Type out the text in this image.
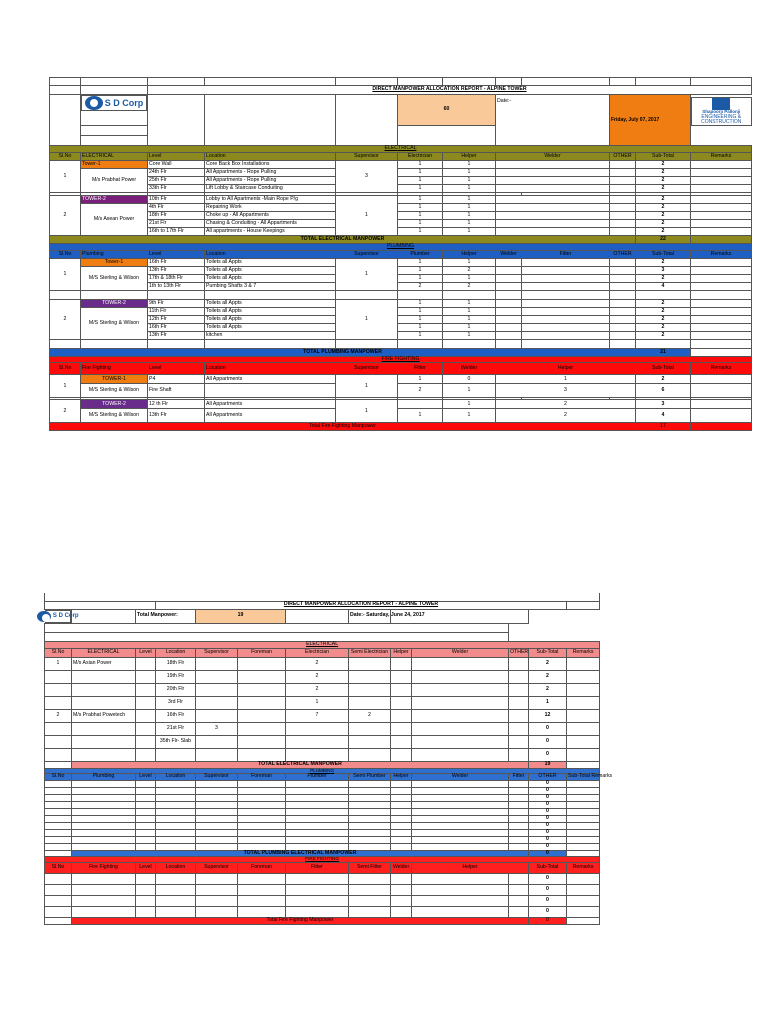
		DIRECT MANPOWER ALLOCATION REPORT - ALPINE TOWER									

S D Corp
			60		Date:-		Friday, July 07, 2017	
Shapoorji Pallonji
ENGINEERING &
CONSTRUCTION

ELECTRICAL											
Sl.No	ELECTRICAL	Level	Location	Supervisor	Electrician	Helper	Welder		OTHER	Sub-Total	Remarks
1	Tower-1	Core Wall	Core Back Box Installations	3	1	1				2	
	M/s Prabhat Power	24th Flr	All Appartments - Rope Pulling		1	1				2	
		25th Flr	All Appartments - Rope Pulling		1	1				2	
		33th Flr	Lift Lobby & Staircase Conduiting		1	1				2	

2	TOWER-2	10th Flr	Lobby to All Apartments -Main Rope P/g	1	1	1				2	
	M/s Asean Power	4th Flr	Repairing Work		1	1				2	
		18th Flr	Choke up - All Appartments		1	1				2	
		21st Flr	Chasing & Conduiting - All Appartments		1	1				2	
		16th to 17th Flr	All appartments - House Keepings		1	1				2	
TOTAL ELECTRICAL MANPOWER										22	
PLUMBING											
Sl.No	Plumbing	Level	Location	Supervisor	Plumber	Helper	Welder	Fitter	OTHER	Sub-Total	Remarks
1	Tower-1	16th Flr	Toilets all Appts	1	1	1				2	
	M/S Sterling & Wilson	13th Flr	Toilets all Appts		1	2				3	
		17th & 18th Flr	Toilets all Appts		1	1				2	
		1th to 13th Flr	Pumbing Shafts 3 & 7		2	2				4	

2	TOWER-2	9th Flr	Toilets all Appts	1	1	1				2	
	M/S Sterling & Wilson	11th Flr	Toilets all Appts		1	1				2	
		12th Flr	Toilets all Appts		1	1				2	
		16th Flr	Toilets all Appts		1	1				2	
		13th Flr	kitchen		1	1				2	

TOTAL PLUMBING MANPOWER										21	
FIRE FIGHTING											
Sl.No	Fire Fighting	Level	Location	Supervisor	Fitter	Welder	Helper			Sub-Total	Remarks
1	TOWER-1	P4	All Appartments	1	1	0	1			2	
	M/S Sterling & Wilson	Fire Shaft			2	1	3			6	

2	TOWER-2	12 th Flr	All Appartments	1		1	2			3	
	M/S Sterling & Wilson	13th Flr	All Appartments		1	1	2			4	
Total Fire Fighting Manpower										17	

			DIRECT MANPOWER ALLOCATION REPORT - ALPINE TOWER									

S D Corp
		Total Manpower:		19			Date:- Saturday, June 24, 2017					

ELECTRICAL												
Sl.No	ELECTRICAL	Level	Location	Supervisor	Foreman	Electrician	Semi Electrician	Helper	Welder	OTHER	Sub-Total	Remarks
1	M/s Asian Power		18th Flr			2					2	
			19th Flr			2					2	
			20th Flr			2					2	
			3rd Flr			1					1	
2	M/s Prabhat Powetech		16th Flr			7	2				12	
			21st Flr	3							0	
			35th Flr- Slab								0	
											0	
	TOTAL ELECTRICAL MANPOWER										19	
PLUMBING												
Sl.No	Plumbing	Level	Location	Supervisor	Foreman	Plumber	Semi Plumber	Helper	Welder	Fitter	OTHER	Sub-Total Remarks
											0	
											0	
											0	
											0	
											0	
											0	
											0	
											0	
											0	
											0	
	TOTAL PLUMBING ELECTRICAL MANPOWER										0	
FIRE FIGHTING												
Sl.No	Fire Fighting	Level	Location	Supervisor	Foreman	Fitter	Semi Fitter	Welder	Helper		Sub-Total	Remarks
											0	
											0	
											0	
											0	
	Total Fire Fighting Manpower										0	
